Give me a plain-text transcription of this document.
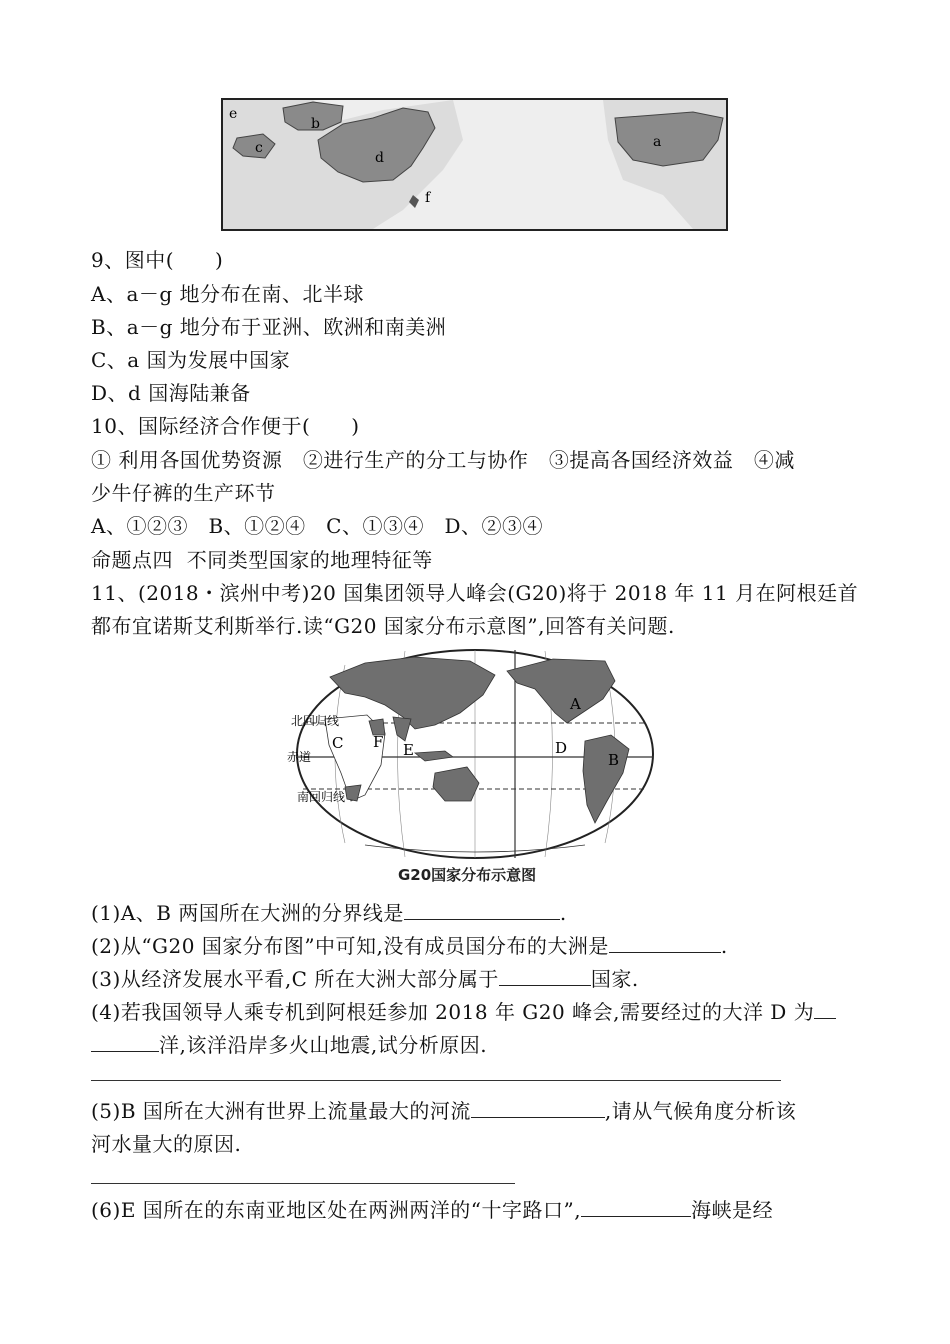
e
b
c
d
f
a
9、图中(　　)
A、a－g 地分布在南、北半球
B、a－g 地分布于亚洲、欧洲和南美洲
C、a 国为发展中国家
D、d 国海陆兼备
10、国际经济合作便于(　　)
① 利用各国优势资源　②进行生产的分工与协作　③提高各国经济效益　④减
少牛仔裤的生产环节
A、①②③　B、①②④　C、①③④　D、②③④
命题点四  不同类型国家的地理特征等
11、(2018・滨州中考)20 国集团领导人峰会(G20)将于 2018 年 11 月在阿根廷首
都布宜诺斯艾利斯举行.读“G20 国家分布示意图”,回答有关问题.
北回归线
赤道
南回归线
A
B
C	D
E
F
G20国家分布示意图
(1)A、B 两国所在大洲的分界线是	.
(2)从“G20 国家分布图”中可知,没有成员国分布的大洲是	.
(3)从经济发展水平看,C 所在大洲大部分属于	国家.
(4)若我国领导人乘专机到阿根廷参加 2018 年 G20 峰会,需要经过的大洋 D 为
洋,该洋沿岸多火山地震,试分析原因.
(5)B 国所在大洲有世界上流量最大的河流	,请从气候角度分析该
河水量大的原因.
(6)E 国所在的东南亚地区处在两洲两洋的“十字路口”,	海峡是经
